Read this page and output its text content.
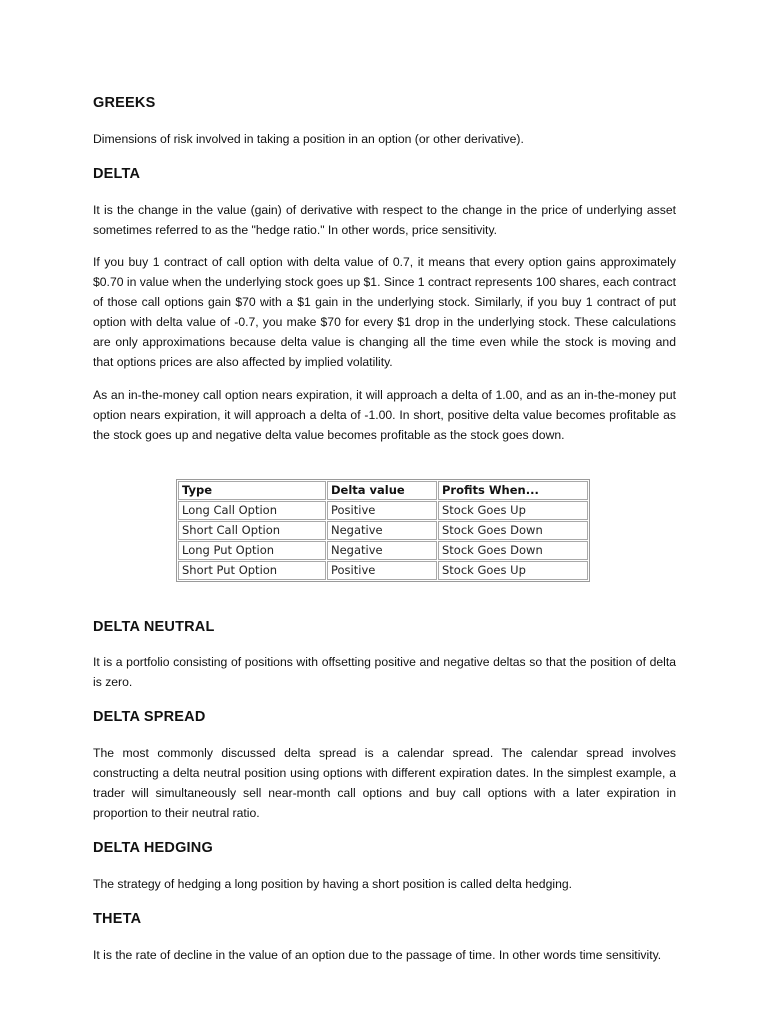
GREEKS

Dimensions of risk involved in taking a position in an option (or other derivative).

DELTA

It is the change in the value (gain) of derivative with respect to the change in the price of underlying asset sometimes referred to as the "hedge ratio." In other words, price sensitivity.

If you buy 1 contract of call option with delta value of 0.7, it means that every option gains approximately $0.70 in value when the underlying stock goes up $1. Since 1 contract represents 100 shares, each contract of those call options gain $70 with a $1 gain in the underlying stock. Similarly, if you buy 1 contract of put option with delta value of -0.7, you make $70 for every $1 drop in the underlying stock. These calculations are only approximations because delta value is changing all the time even while the stock is moving and that options prices are also affected by implied volatility.

As an in-the-money call option nears expiration, it will approach a delta of 1.00, and as an in-the-money put option nears expiration, it will approach a delta of -1.00. In short, positive delta value becomes profitable as the stock goes up and negative delta value becomes profitable as the stock goes down.

Type	Delta value	Profits When...
Long Call Option	Positive	Stock Goes Up
Short Call Option	Negative	Stock Goes Down
Long Put Option	Negative	Stock Goes Down
Short Put Option	Positive	Stock Goes Up
DELTA NEUTRAL

It is a portfolio consisting of positions with offsetting positive and negative deltas so that the position of delta is zero.

DELTA SPREAD

The most commonly discussed delta spread is a calendar spread. The calendar spread involves constructing a delta neutral position using options with different expiration dates. In the simplest example, a trader will simultaneously sell near-month call options and buy call options with a later expiration in proportion to their neutral ratio.

DELTA HEDGING

The strategy of hedging a long position by having a short position is called delta hedging.

THETA

It is the rate of decline in the value of an option due to the passage of time. In other words time sensitivity.
